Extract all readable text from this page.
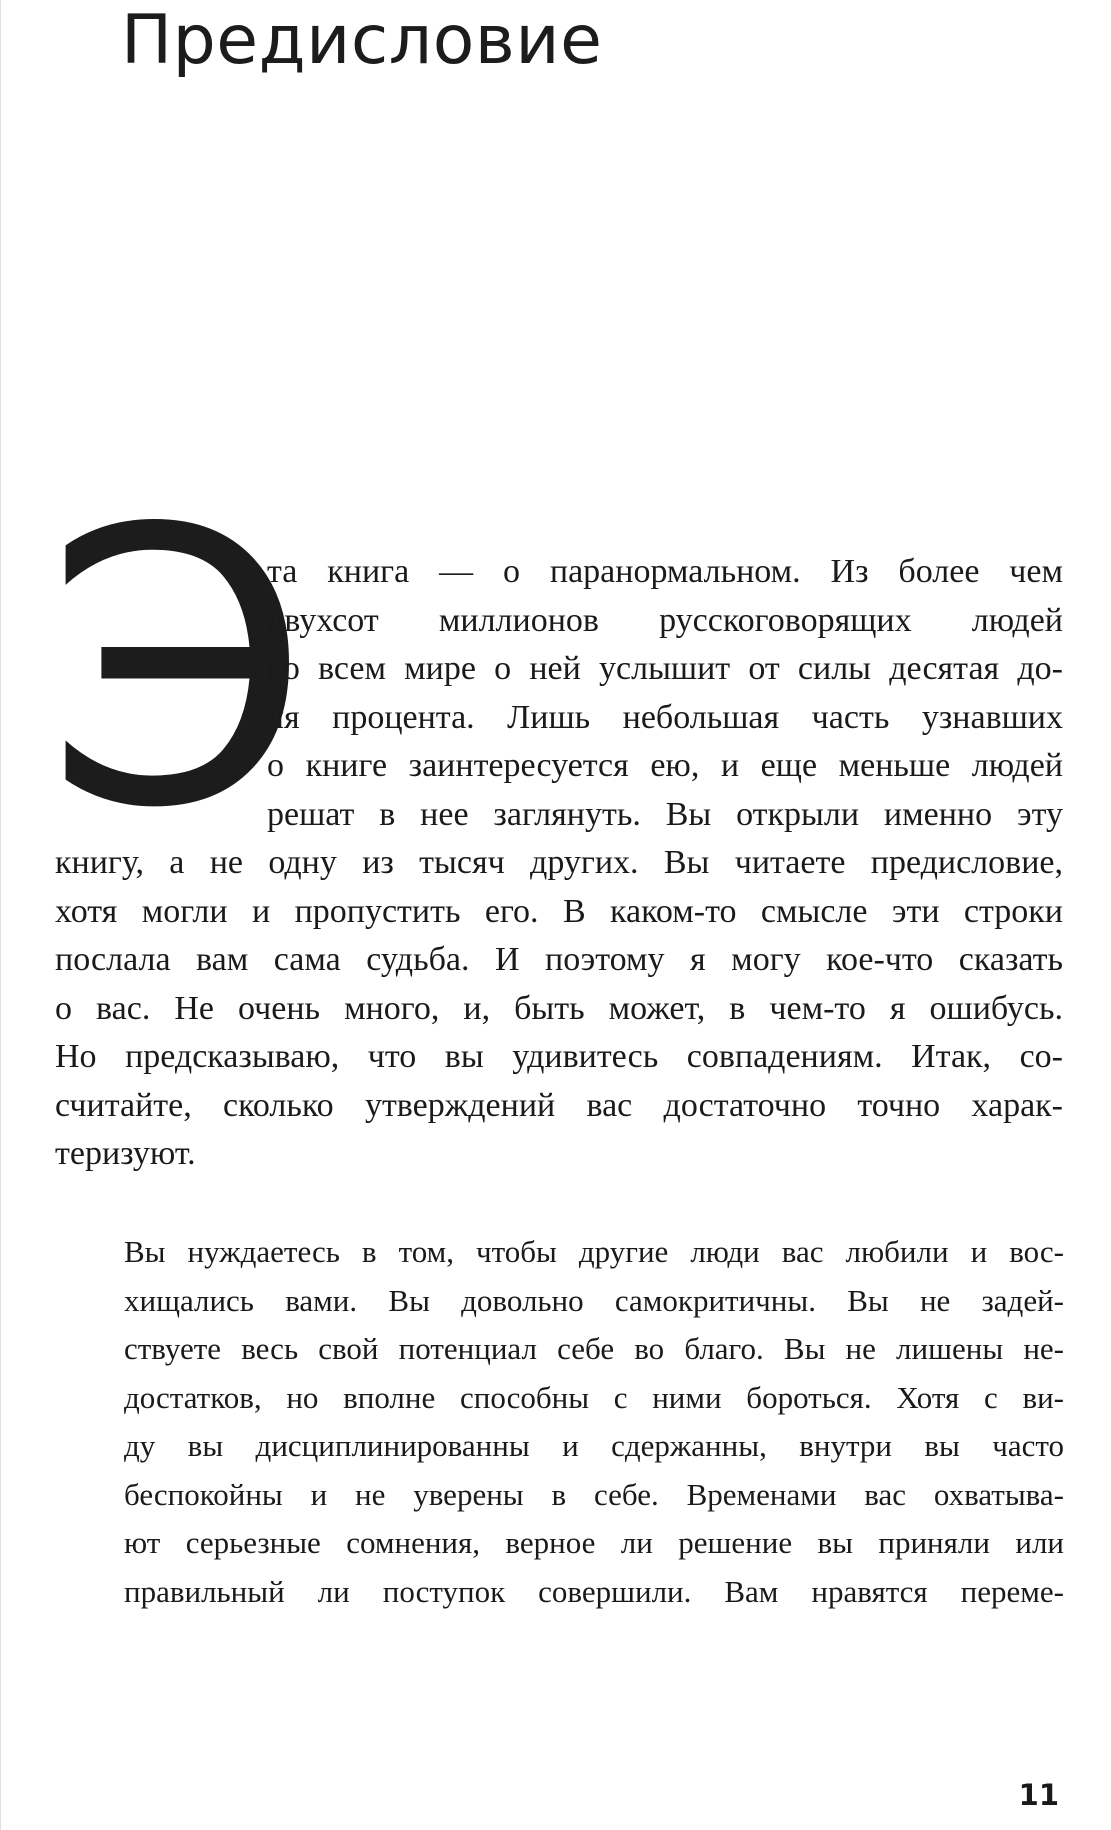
Предисловие
Э
та книга — о паранормальном. Из более чем
двухсот миллионов русскоговорящих людей
во всем мире о ней услышит от силы десятая до-
ля процента. Лишь небольшая часть узнавших
о книге заинтересуется ею, и еще меньше людей
решат в нее заглянуть. Вы открыли именно эту
книгу, а не одну из тысяч других. Вы читаете предисловие,
хотя могли и пропустить его. В каком-то смысле эти строки
послала вам сама судьба. И поэтому я могу кое-что сказать
о вас. Не очень много, и, быть может, в чем-то я ошибусь.
Но предсказываю, что вы удивитесь совпадениям. Итак, со-
считайте, сколько утверждений вас достаточно точно харак-
теризуют.
Вы нуждаетесь в том, чтобы другие люди вас любили и вос-
хищались вами. Вы довольно самокритичны. Вы не задей-
ствуете весь свой потенциал себе во благо. Вы не лишены не-
достатков, но вполне способны с ними бороться. Хотя с ви-
ду вы дисциплинированны и сдержанны, внутри вы часто
беспокойны и не уверены в себе. Временами вас охватыва-
ют серьезные сомнения, верное ли решение вы приняли или
правильный ли поступок совершили. Вам нравятся переме-
11
